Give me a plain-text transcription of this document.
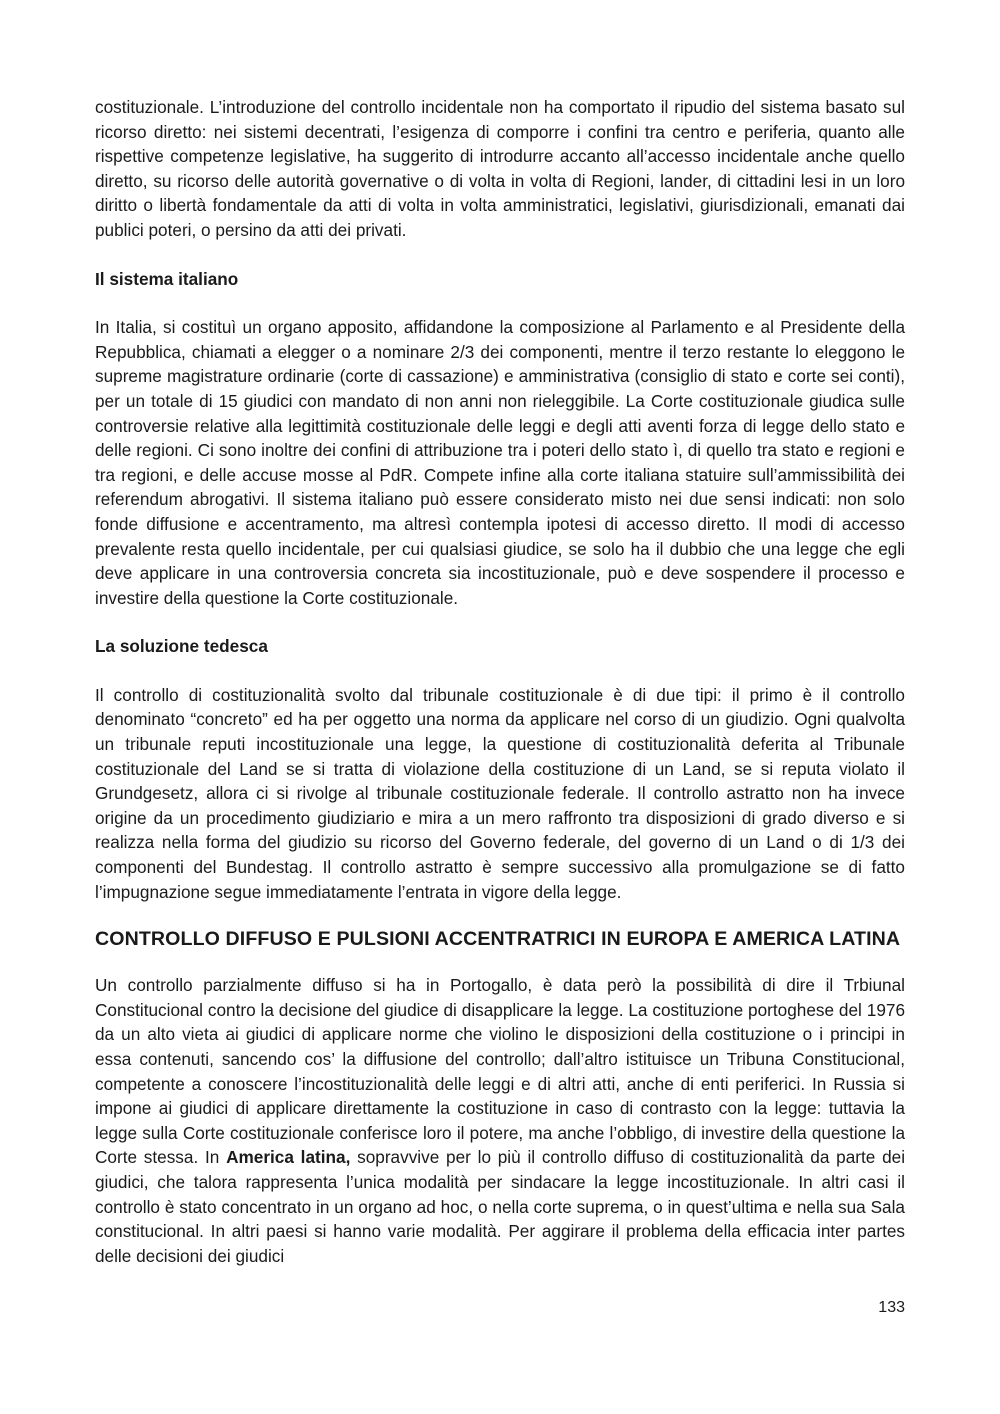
costituzionale. L’introduzione del controllo incidentale non ha comportato il ripudio del sistema basato sul ricorso diretto: nei sistemi decentrati, l’esigenza di comporre i confini tra centro e periferia, quanto alle rispettive competenze legislative, ha suggerito di introdurre accanto all’accesso incidentale anche quello diretto, su ricorso delle autorità governative o di volta in volta di Regioni, lander, di cittadini lesi in un loro diritto o libertà fondamentale da atti di volta in volta amministratici, legislativi, giurisdizionali, emanati dai publici poteri, o persino da atti dei privati.

Il sistema italiano

In Italia, si costituì un organo apposito, affidandone la composizione al Parlamento e al Presidente della Repubblica, chiamati a elegger o a nominare 2/3 dei componenti, mentre il terzo restante lo eleggono le supreme magistrature ordinarie (corte di cassazione) e amministrativa (consiglio di stato e corte sei conti), per un totale di 15 giudici con mandato di non anni non rieleggibile. La Corte costituzionale giudica sulle controversie relative alla legittimità costituzionale delle leggi e degli atti aventi forza di legge dello stato e delle regioni. Ci sono inoltre dei confini di attribuzione tra i poteri dello stato ì, di quello tra stato e regioni e tra regioni, e delle accuse mosse al PdR. Compete infine alla corte italiana statuire sull’ammissibilità dei referendum abrogativi. Il sistema italiano può essere considerato misto nei due sensi indicati: non solo fonde diffusione e accentramento, ma altresì contempla ipotesi di accesso diretto. Il modi di accesso prevalente resta quello incidentale, per cui qualsiasi giudice, se solo ha il dubbio che una legge che egli deve applicare in una controversia concreta sia incostituzionale, può e deve sospendere il processo e investire della questione la Corte costituzionale.

La soluzione tedesca

Il controllo di costituzionalità svolto dal tribunale costituzionale è di due tipi: il primo è il controllo denominato “concreto” ed ha per oggetto una norma da applicare nel corso di un giudizio. Ogni qualvolta un tribunale reputi incostituzionale una legge, la questione di costituzionalità deferita al Tribunale costituzionale del Land se si tratta di violazione della costituzione di un Land, se si reputa violato il Grundgesetz, allora ci si rivolge al tribunale costituzionale federale. Il controllo astratto non ha invece origine da un procedimento giudiziario e mira a un mero raffronto tra disposizioni di grado diverso e si realizza nella forma del giudizio su ricorso del Governo federale, del governo di un Land o di 1/3 dei componenti del Bundestag. Il controllo astratto è sempre successivo alla promulgazione se di fatto l’impugnazione segue immediatamente l’entrata in vigore della legge.

CONTROLLO DIFFUSO E PULSIONI ACCENTRATRICI IN EUROPA E AMERICA LATINA

Un controllo parzialmente diffuso si ha in Portogallo, è data però la possibilità di dire il Trbiunal Constitucional contro la decisione del giudice di disapplicare la legge. La costituzione portoghese del 1976 da un alto vieta ai giudici di applicare norme che violino le disposizioni della costituzione o i principi in essa contenuti, sancendo cos’ la diffusione del controllo; dall’altro istituisce un Tribuna Constitucional, competente a conoscere l’incostituzionalità delle leggi e di altri atti, anche di enti periferici. In Russia si impone ai giudici di applicare direttamente la costituzione in caso di contrasto con la legge: tuttavia la legge sulla Corte costituzionale conferisce loro il potere, ma anche l’obbligo, di investire della questione la Corte stessa. In America latina, sopravvive per lo più il controllo diffuso di costituzionalità da parte dei giudici, che talora rappresenta l’unica modalità per sindacare la legge incostituzionale. In altri casi il controllo è stato concentrato in un organo ad hoc, o nella corte suprema, o in quest’ultima e nella sua Sala constitucional. In altri paesi si hanno varie modalità. Per aggirare il problema della efficacia inter partes delle decisioni dei giudici

133
